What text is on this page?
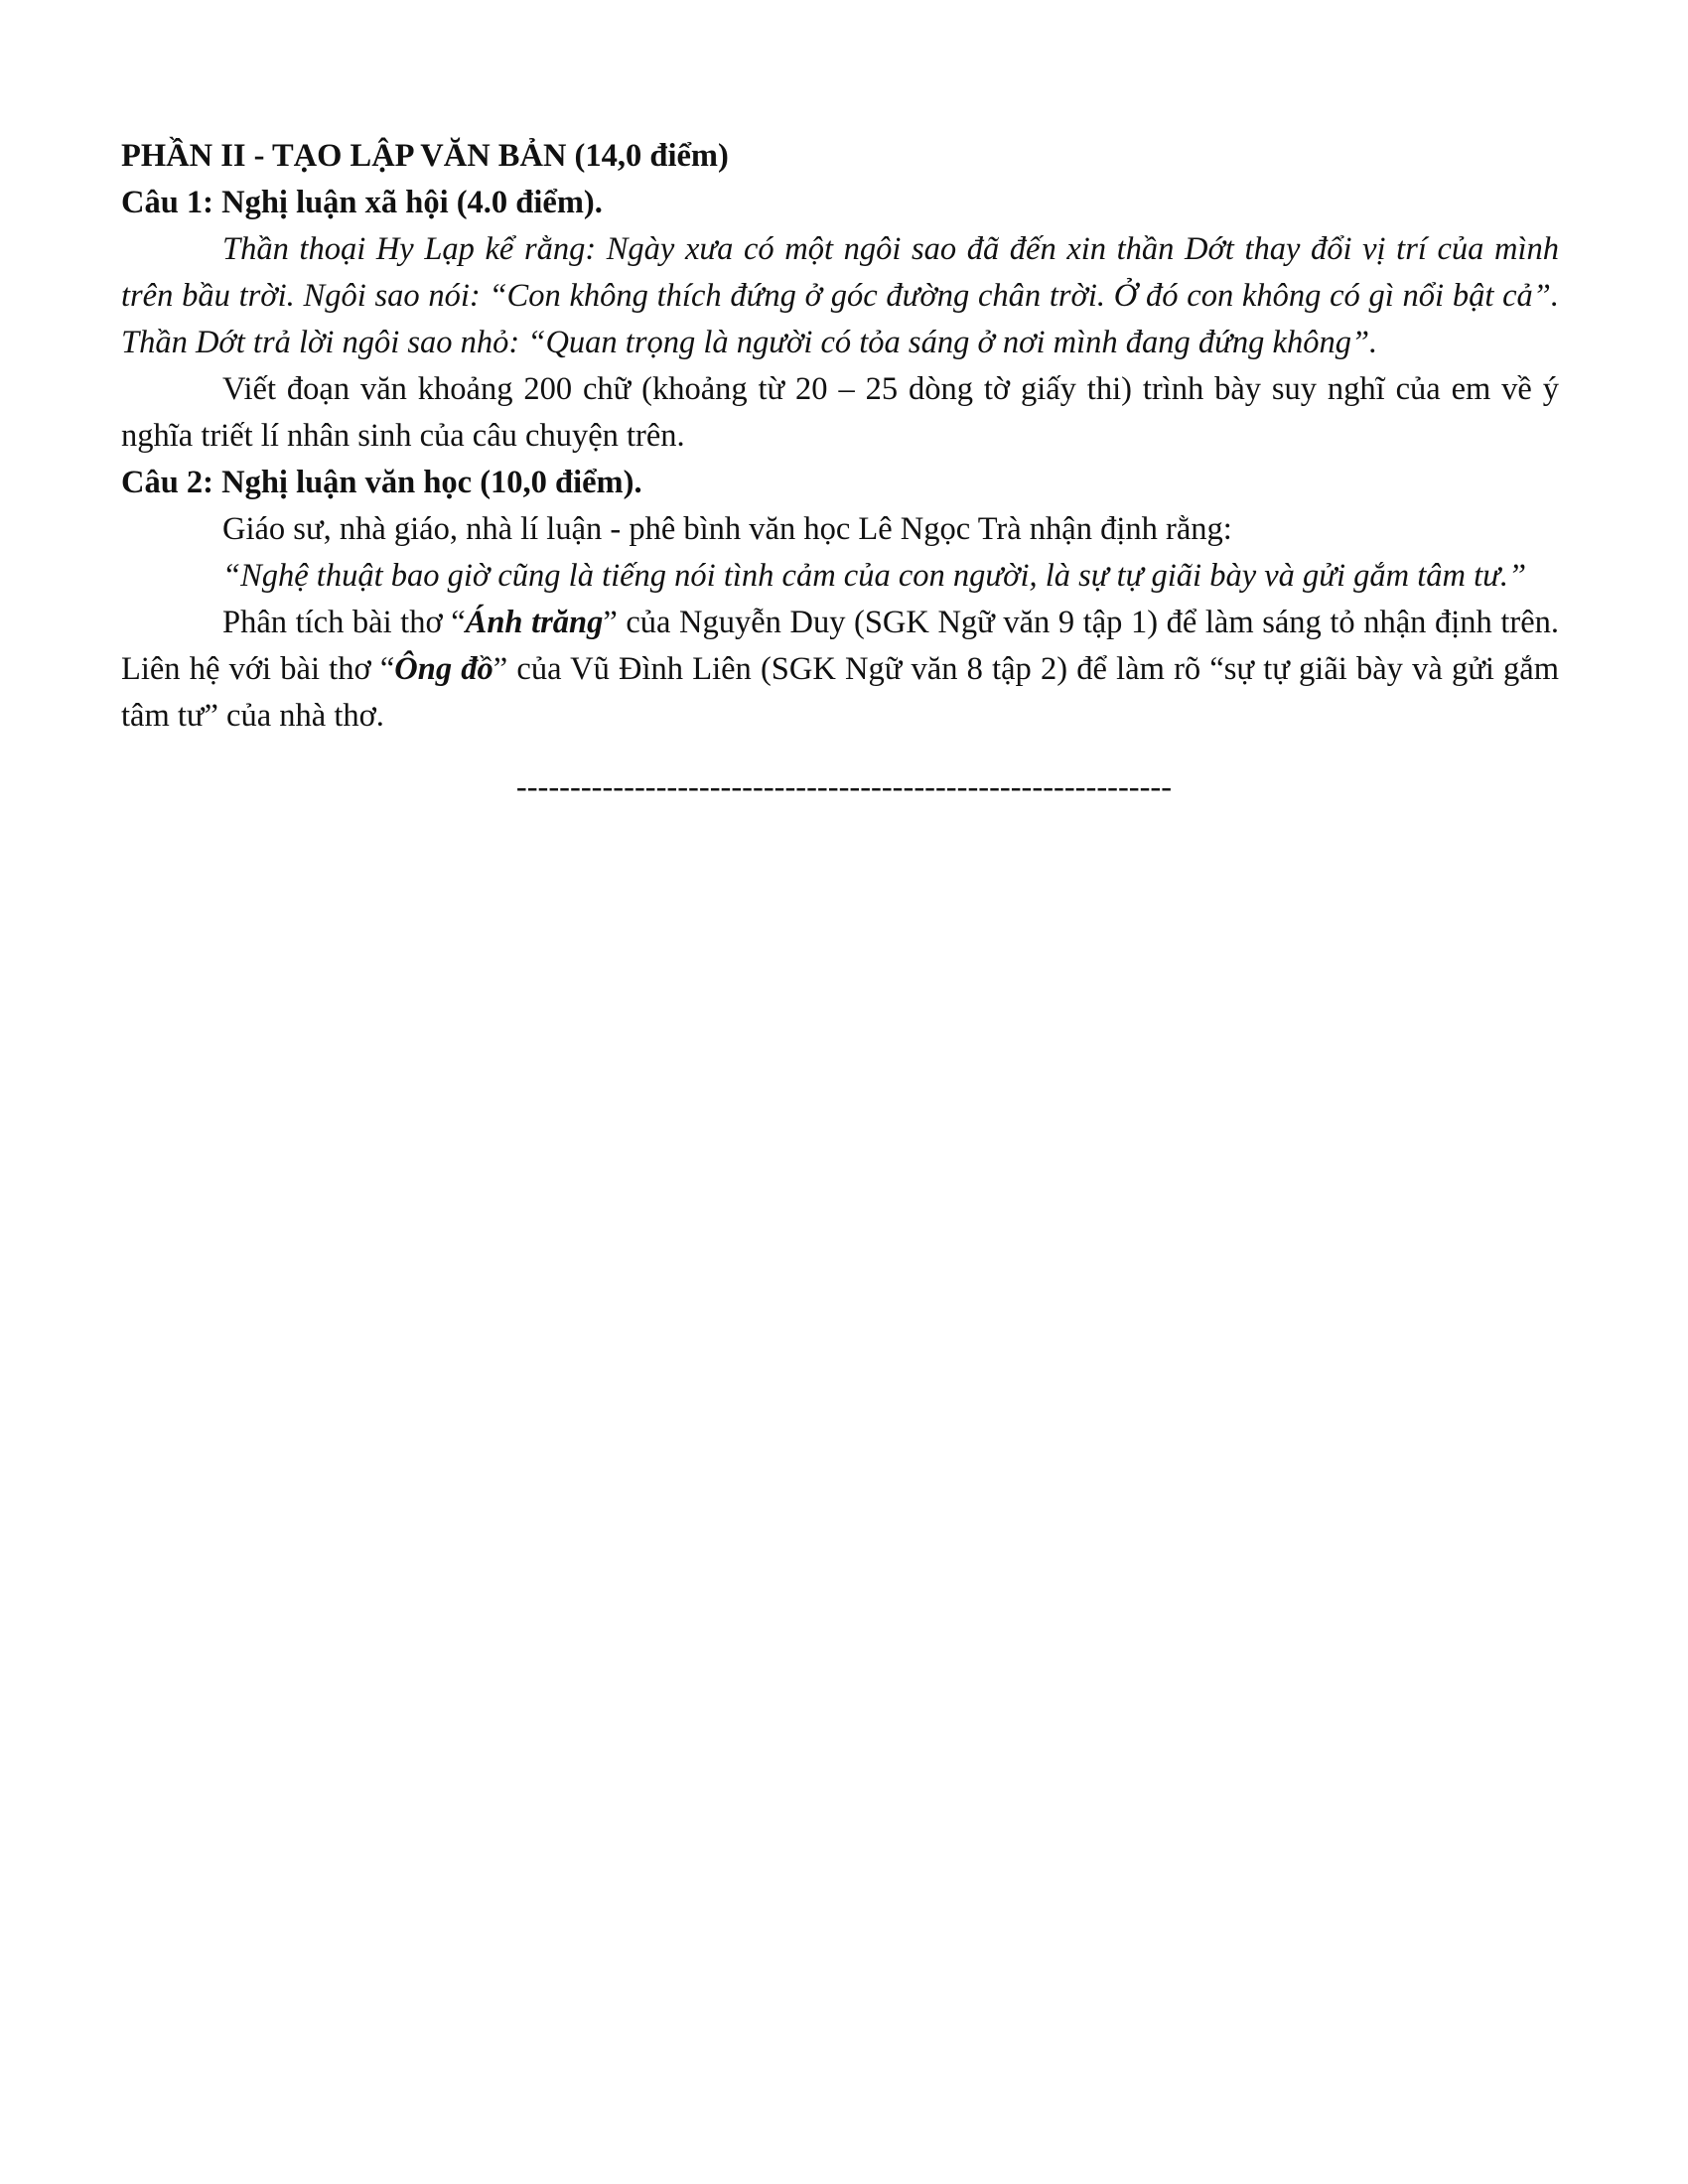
PHẦN II - TẠO LẬP VĂN BẢN (14,0 điểm)

Câu 1: Nghị luận xã hội (4.0 điểm).

Thần thoại Hy Lạp kể rằng: Ngày xưa có một ngôi sao đã đến xin thần Dớt thay đổi vị trí của mình trên bầu trời. Ngôi sao nói: “Con không thích đứng ở góc đường chân trời. Ở đó con không có gì nổi bật cả”. Thần Dớt trả lời ngôi sao nhỏ: “Quan trọng là người có tỏa sáng ở nơi mình đang đứng không”.

Viết đoạn văn khoảng 200 chữ (khoảng từ 20 – 25 dòng tờ giấy thi) trình bày suy nghĩ của em về ý nghĩa triết lí nhân sinh của câu chuyện trên.

Câu 2: Nghị luận văn học (10,0 điểm).

Giáo sư, nhà giáo, nhà lí luận - phê bình văn học Lê Ngọc Trà nhận định rằng:

“Nghệ thuật bao giờ cũng là tiếng nói tình cảm của con người, là sự tự giãi bày và gửi gắm tâm tư.”

Phân tích bài thơ “Ánh trăng” của Nguyễn Duy (SGK Ngữ văn 9 tập 1) để làm sáng tỏ nhận định trên. Liên hệ với bài thơ “Ông đồ” của Vũ Đình Liên (SGK Ngữ văn 8 tập 2) để làm rõ “sự tự giãi bày và gửi gắm tâm tư” của nhà thơ.

-------------------------------------------------------------
